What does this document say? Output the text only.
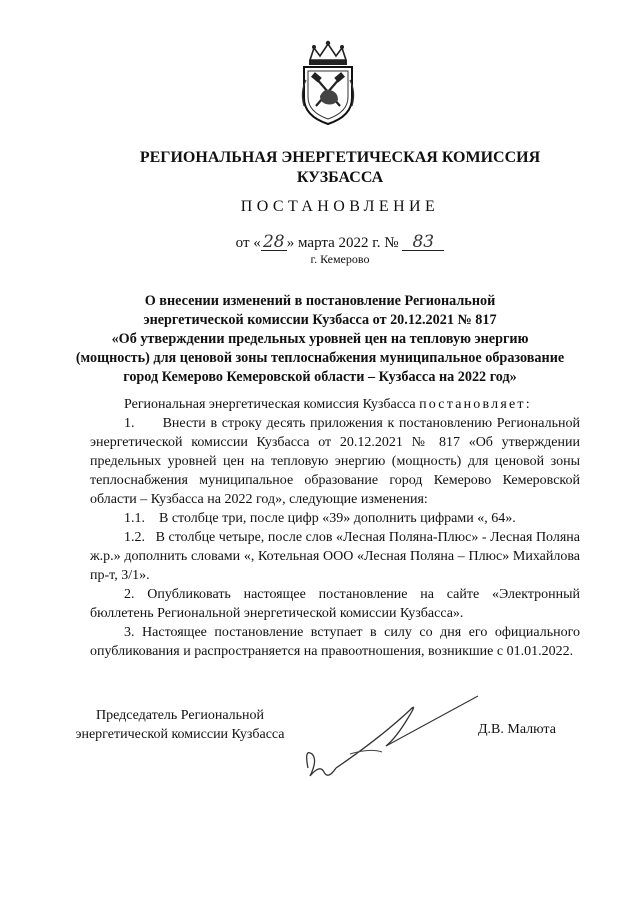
РЕГИОНАЛЬНАЯ ЭНЕРГЕТИЧЕСКАЯ КОМИССИЯ
КУЗБАССА
ПОСТАНОВЛЕНИЕ
от « 28 » марта 2022 г. № 83
г. Кемерово
О внесении изменений в постановление Региональной
энергетической комиссии Кузбасса от 20.12.2021 № 817
«Об утверждении предельных уровней цен на тепловую энергию
(мощность) для ценовой зоны теплоснабжения муниципальное образование
город Кемерово Кемеровской области – Кузбасса на 2022 год»

Региональная энергетическая комиссия Кузбасса постановляет:

1.      Внести в строку десять приложения к постановлению Региональной энергетической комиссии Кузбасса от 20.12.2021 № 817 «Об утверждении предельных уровней цен на тепловую энергию (мощность) для ценовой зоны теплоснабжения муниципальное образование город Кемерово Кемеровской области – Кузбасса на 2022 год», следующие изменения:

1.1.    В столбце три, после цифр «39» дополнить цифрами «, 64».

1.2.   В столбце четыре, после слов «Лесная Поляна-Плюс» - Лесная Поляна ж.р.» дополнить словами «, Котельная ООО «Лесная Поляна – Плюс» Михайлова пр-т, 3/1».

2. Опубликовать настоящее постановление на сайте «Электронный бюллетень Региональной энергетической комиссии Кузбасса».

3. Настоящее постановление вступает в силу со дня его официального опубликования и распространяется на правоотношения, возникшие с 01.01.2022.

Председатель Региональной
энергетической комиссии Кузбасса	Д.В. Малюта
